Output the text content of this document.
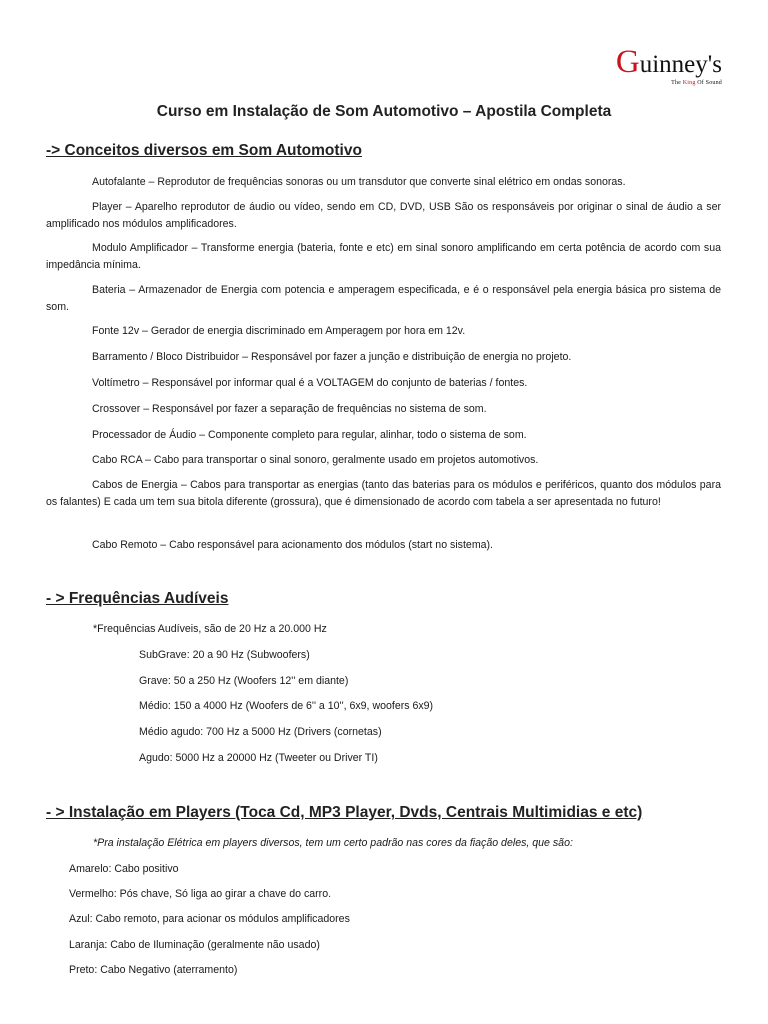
Guinney's
The King Of Sound
Curso em Instalação de Som Automotivo – Apostila Completa
-> Conceitos diversos em Som Automotivo
Autofalante – Reprodutor de frequências sonoras ou um transdutor que converte sinal elétrico em ondas sonoras.
Player – Aparelho reprodutor de áudio ou vídeo, sendo em CD, DVD, USB São os responsáveis por originar o sinal de áudio a ser amplificado nos módulos amplificadores.
Modulo Amplificador – Transforme energia (bateria, fonte e etc) em sinal sonoro amplificando em certa potência de acordo com sua impedância mínima.
Bateria – Armazenador de Energia com potencia e amperagem especificada, e é o responsável pela energia básica pro sistema de som.
Fonte 12v – Gerador de energia discriminado em Amperagem por hora em 12v.
Barramento / Bloco Distribuidor – Responsável por fazer a junção e distribuição de energia no projeto.
Voltímetro – Responsável por informar qual é a VOLTAGEM do conjunto de baterias / fontes.
Crossover – Responsável por fazer a separação de frequências no sistema de som.
Processador de Áudio – Componente completo para regular, alinhar, todo o sistema de som.
Cabo RCA – Cabo para transportar o sinal sonoro, geralmente usado em projetos automotivos.
Cabos de Energia – Cabos para transportar as energias (tanto das baterias para os módulos e periféricos, quanto dos módulos para os falantes) E cada um tem sua bitola diferente (grossura), que é dimensionado de acordo com tabela a ser apresentada no futuro!
Cabo Remoto – Cabo responsável para acionamento dos módulos (start no sistema).
- > Frequências Audíveis
*Frequências Audíveis, são de 20 Hz a 20.000 Hz
SubGrave: 20 a 90 Hz (Subwoofers)
Grave: 50 a 250 Hz (Woofers 12'' em diante)
Médio: 150 a 4000 Hz (Woofers de 6'' a 10'', 6x9, woofers 6x9)
Médio agudo: 700 Hz a 5000 Hz (Drivers (cornetas)
Agudo: 5000 Hz a 20000 Hz (Tweeter ou Driver TI)
- > Instalação em Players (Toca Cd, MP3 Player, Dvds, Centrais Multimidias e etc)
*Pra instalação Elétrica em players diversos, tem um certo padrão nas cores da fiação deles, que são:
Amarelo: Cabo positivo
Vermelho: Pós chave, Só liga ao girar a chave do carro.
Azul: Cabo remoto, para acionar os módulos amplificadores
Laranja: Cabo de Iluminação (geralmente não usado)
Preto: Cabo Negativo (aterramento)
